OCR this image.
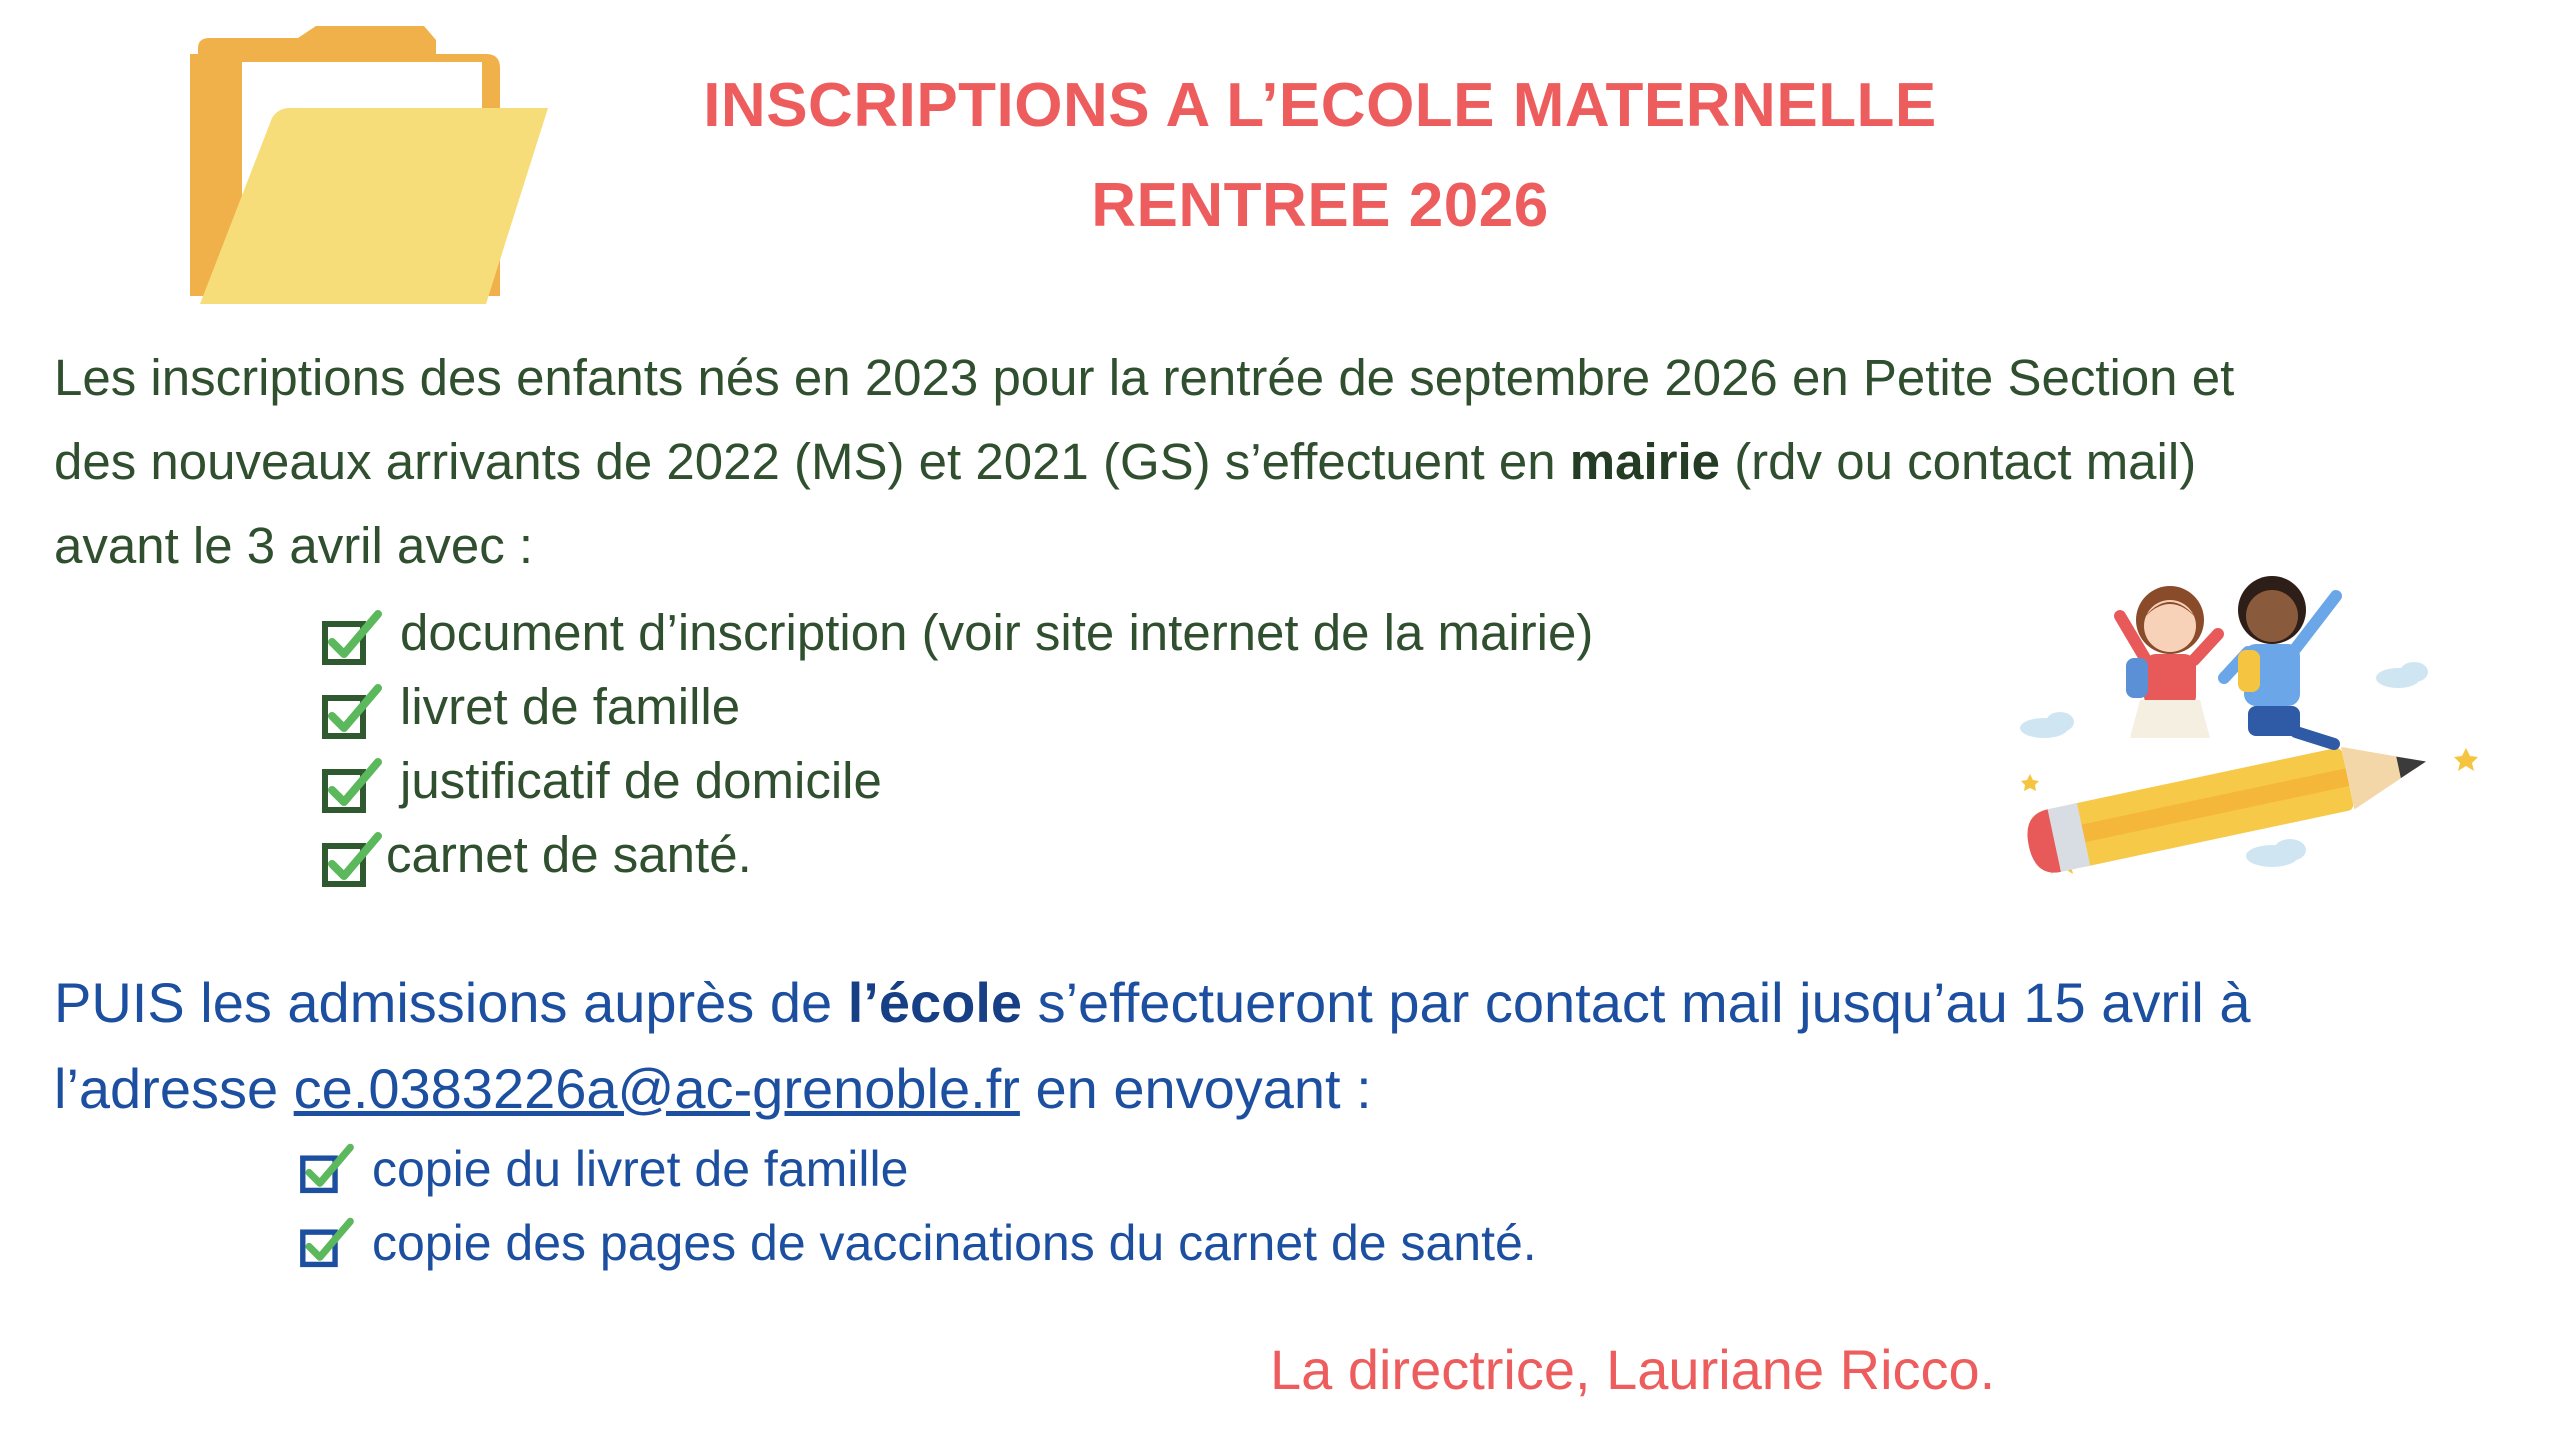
INSCRIPTIONS A L’ECOLE MATERNELLE
RENTREE 2026
Les inscriptions des enfants nés en 2023 pour la rentrée de septembre 2026 en Petite Section et
des nouveaux arrivants de 2022 (MS) et 2021 (GS) s’effectuent en mairie (rdv ou contact mail)
avant le 3 avril avec :
document d’inscription (voir site internet de la mairie)
livret de famille
justificatif de domicile
carnet de santé.
PUIS les admissions auprès de l’école s’effectueront par contact mail jusqu’au 15 avril à
l’adresse ce.0383226a@ac-grenoble.fr en envoyant :
copie du livret de famille
copie des pages de vaccinations du carnet de santé.
La directrice, Lauriane Ricco.
